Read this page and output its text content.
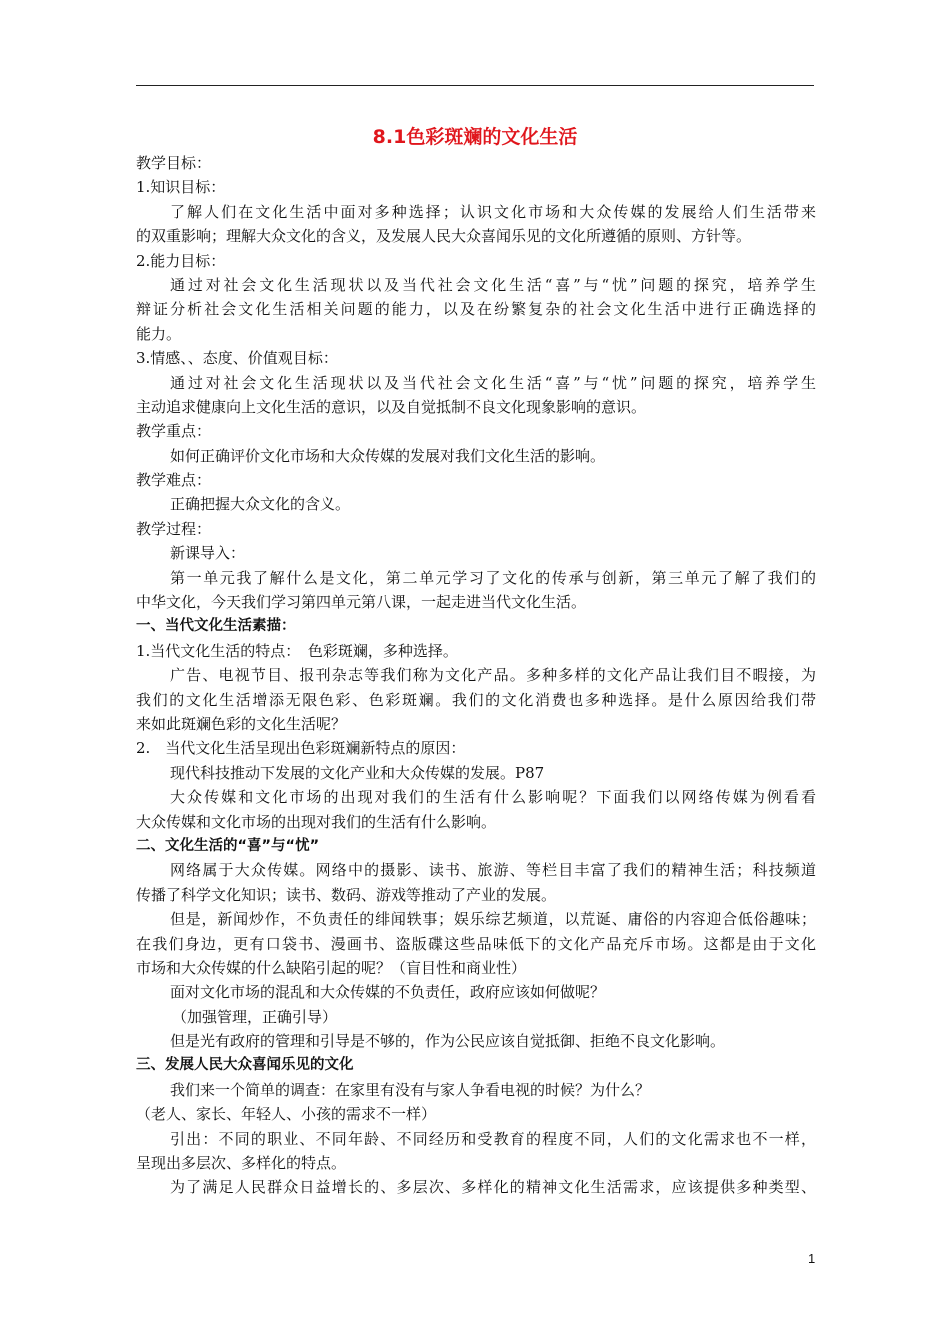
8.1色彩斑斓的文化生活
教学目标：
1.知识目标：
了解人们在文化生活中面对多种选择；认识文化市场和大众传媒的发展给人们生活带来
的双重影响；理解大众文化的含义，及发展人民大众喜闻乐见的文化所遵循的原则、方针等。
2.能力目标：
通过对社会文化生活现状以及当代社会文化生活“喜”与“忧”问题的探究，培养学生
辩证分析社会文化生活相关问题的能力，以及在纷繁复杂的社会文化生活中进行正确选择的
能力。
3.情感、、态度、价值观目标：
通过对社会文化生活现状以及当代社会文化生活“喜”与“忧”问题的探究，培养学生
主动追求健康向上文化生活的意识，以及自觉抵制不良文化现象影响的意识。
教学重点：
如何正确评价文化市场和大众传媒的发展对我们文化生活的影响。
教学难点：
正确把握大众文化的含义。
教学过程：
新课导入：
第一单元我了解什么是文化，第二单元学习了文化的传承与创新，第三单元了解了我们的
中华文化，今天我们学习第四单元第八课，一起走进当代文化生活。
一、当代文化生活素描：
1.当代文化生活的特点：　色彩斑斓，多种选择。
广告、电视节目、报刊杂志等我们称为文化产品。多种多样的文化产品让我们目不暇接，为
我们的文化生活增添无限色彩、色彩斑斓。我们的文化消费也多种选择。是什么原因给我们带
来如此斑斓色彩的文化生活呢？
2.　当代文化生活呈现出色彩斑斓新特点的原因：
现代科技推动下发展的文化产业和大众传媒的发展。P87
大众传媒和文化市场的出现对我们的生活有什么影响呢？下面我们以网络传媒为例看看
大众传媒和文化市场的出现对我们的生活有什么影响。
二、文化生活的“喜”与“忧”
网络属于大众传媒。网络中的摄影、读书、旅游、等栏目丰富了我们的精神生活；科技频道
传播了科学文化知识；读书、数码、游戏等推动了产业的发展。
但是，新闻炒作，不负责任的绯闻轶事；娱乐综艺频道，以荒诞、庸俗的内容迎合低俗趣味；
在我们身边，更有口袋书、漫画书、盗版碟这些品味低下的文化产品充斥市场。这都是由于文化
市场和大众传媒的什么缺陷引起的呢？（盲目性和商业性）
面对文化市场的混乱和大众传媒的不负责任，政府应该如何做呢？
（加强管理，正确引导）
但是光有政府的管理和引导是不够的，作为公民应该自觉抵御、拒绝不良文化影响。
三、发展人民大众喜闻乐见的文化
我们来一个简单的调查：在家里有没有与家人争看电视的时候？为什么？
（老人、家长、年轻人、小孩的需求不一样）
引出：不同的职业、不同年龄、不同经历和受教育的程度不同，人们的文化需求也不一样，
呈现出多层次、多样化的特点。
为了满足人民群众日益增长的、多层次、多样化的精神文化生活需求，应该提供多种类型、
1
